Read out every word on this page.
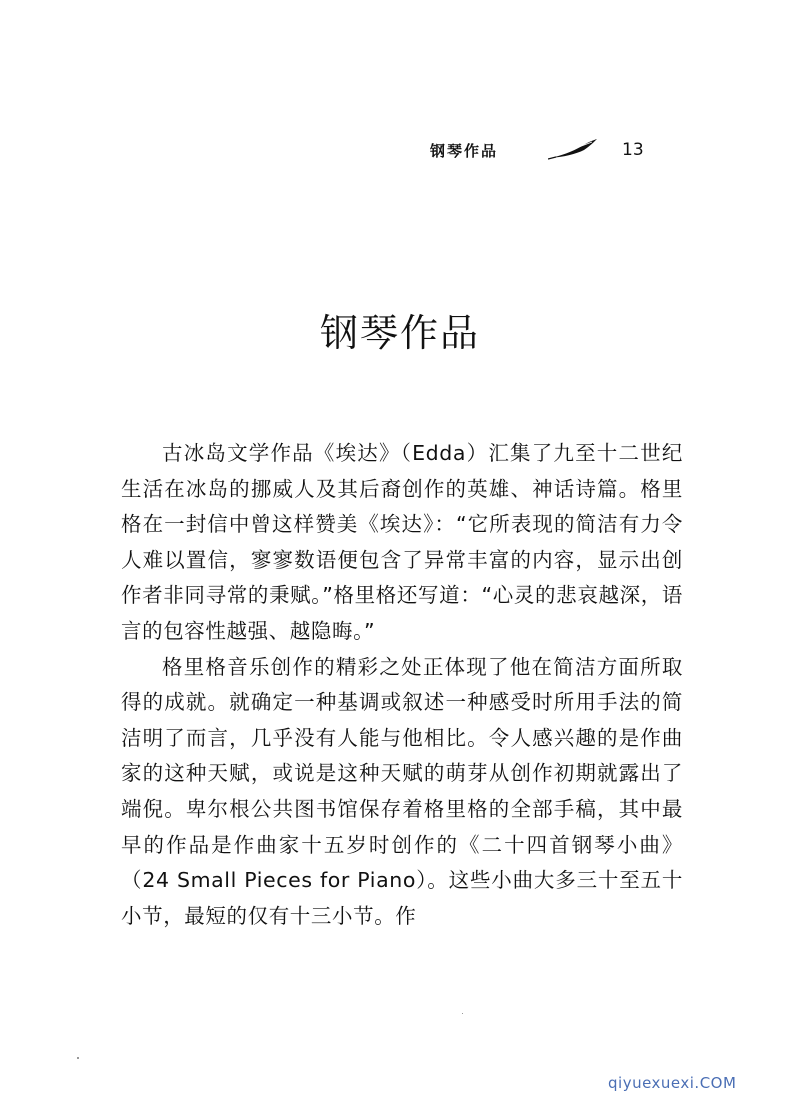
钢琴作品	13
钢琴作品

古冰岛文学作品《埃达》（Edda）汇集了九至十二世纪生活在冰岛的挪威人及其后裔创作的英雄、神话诗篇。格里格在一封信中曾这样赞美《埃达》：“它所表现的简洁有力令人难以置信，寥寥数语便包含了异常丰富的内容，显示出创作者非同寻常的秉赋。”格里格还写道：“心灵的悲哀越深，语言的包容性越强、越隐晦。”

格里格音乐创作的精彩之处正体现了他在简洁方面所取得的成就。就确定一种基调或叙述一种感受时所用手法的简洁明了而言，几乎没有人能与他相比。令人感兴趣的是作曲家的这种天赋，或说是这种天赋的萌芽从创作初期就露出了端倪。卑尔根公共图书馆保存着格里格的全部手稿，其中最早的作品是作曲家十五岁时创作的《二十四首钢琴小曲》（24 Small Pieces for Piano）。这些小曲大多三十至五十小节，最短的仅有十三小节。作

qiyuexuexi.COM
